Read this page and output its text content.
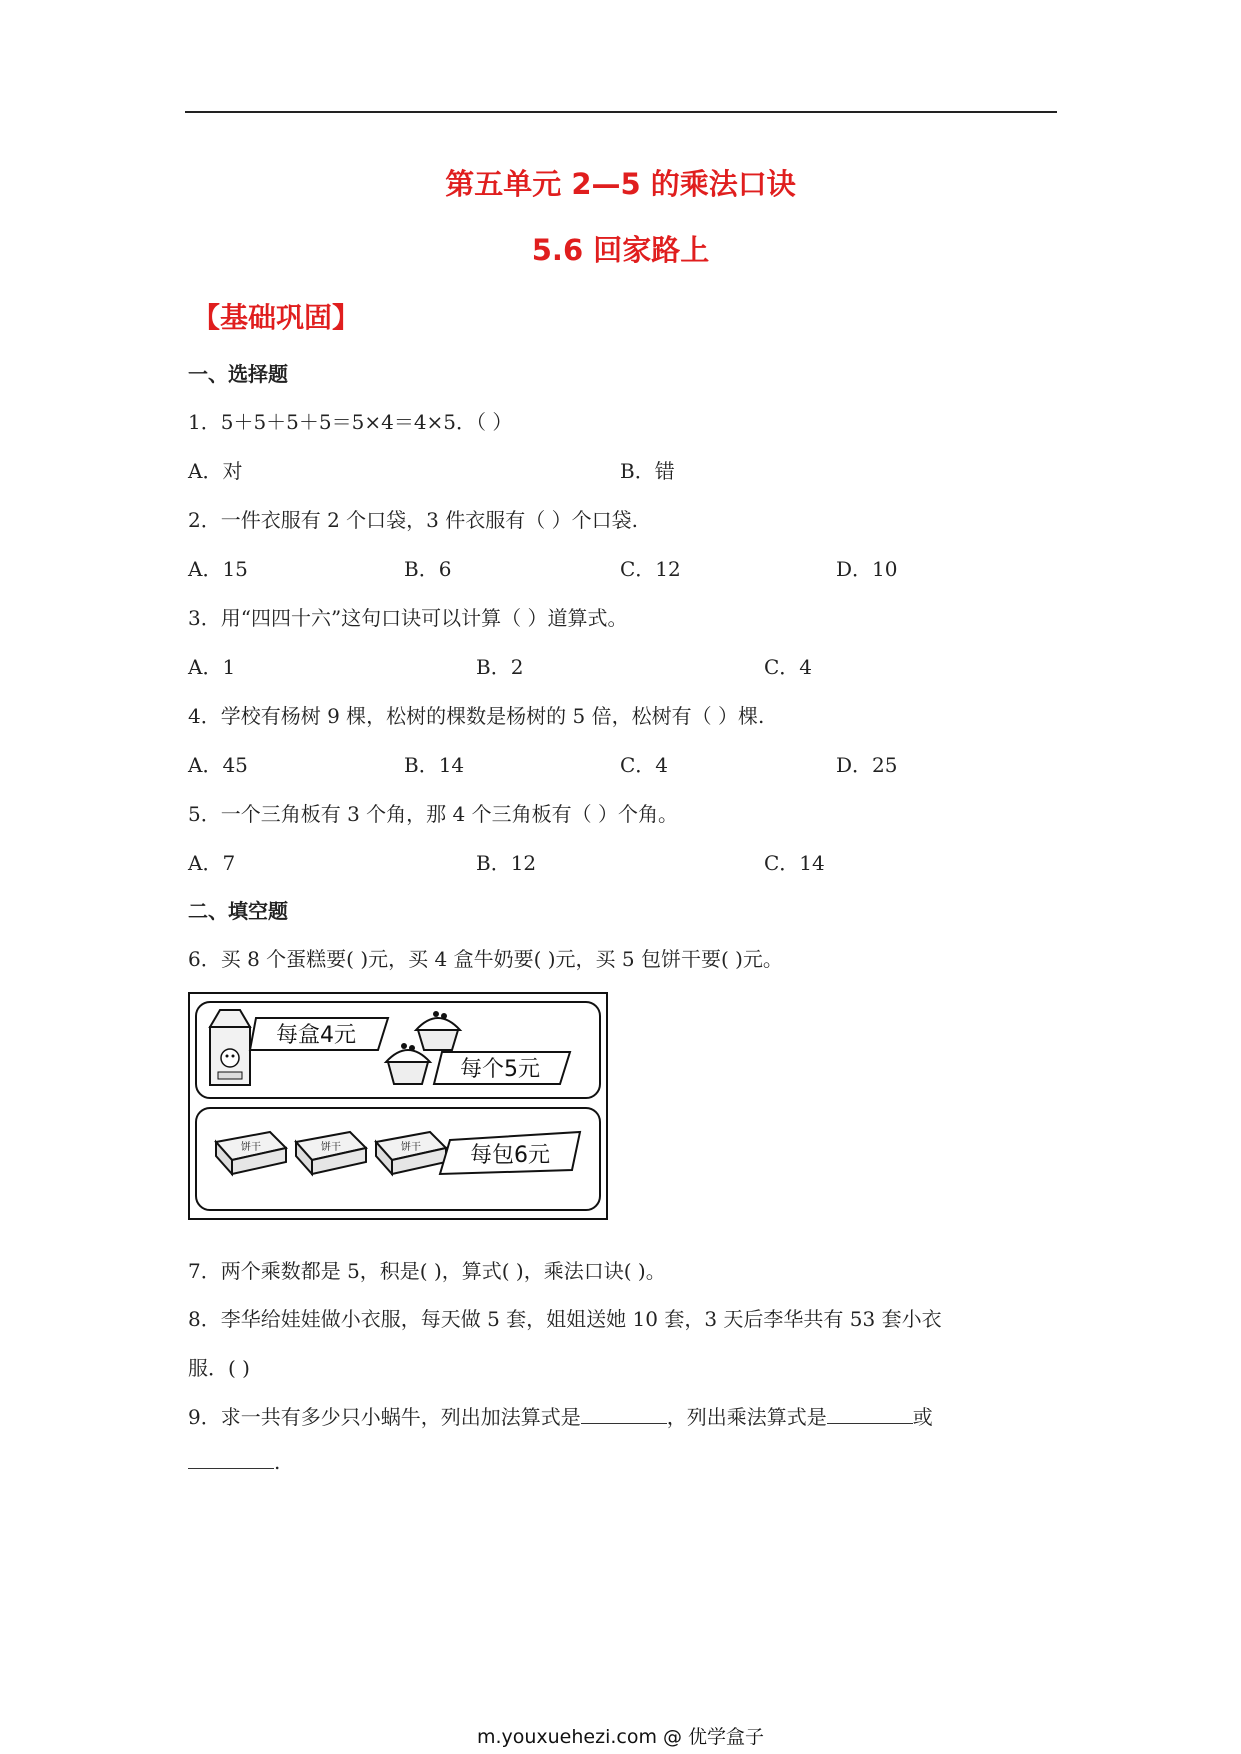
第五单元 2—5 的乘法口诀
5.6 回家路上
【基础巩固】
一、选择题
1．5＋5＋5＋5＝5×4＝4×5．（ ）
A．对	B．错
2．一件衣服有 2 个口袋，3 件衣服有（ ）个口袋.
A．15	B．6	C．12	D．10
3．用“四四十六”这句口诀可以计算（ ）道算式。
A．1	B．2	C．4
4．学校有杨树 9 棵，松树的棵数是杨树的 5 倍，松树有（ ）棵.
A．45	B．14	C．4	D．25
5．一个三角板有 3 个角，那 4 个三角板有（ ）个角。
A．7	B．12	C．14
二、填空题
6．买 8 个蛋糕要( )元，买 4 盒牛奶要( )元，买 5 包饼干要( )元。
每盒4元
每个5元
饼干	饼干	饼干 每包6元
7．两个乘数都是 5，积是( )，算式( )，乘法口诀( )。
8．李华给娃娃做小衣服，每天做 5 套，姐姐送她 10 套，3 天后李华共有 53 套小衣
服．( )
9．求一共有多少只小蜗牛，列出加法算式是	，列出乘法算式是	或
.
m.youxuehezi.com @ 优学盒子
